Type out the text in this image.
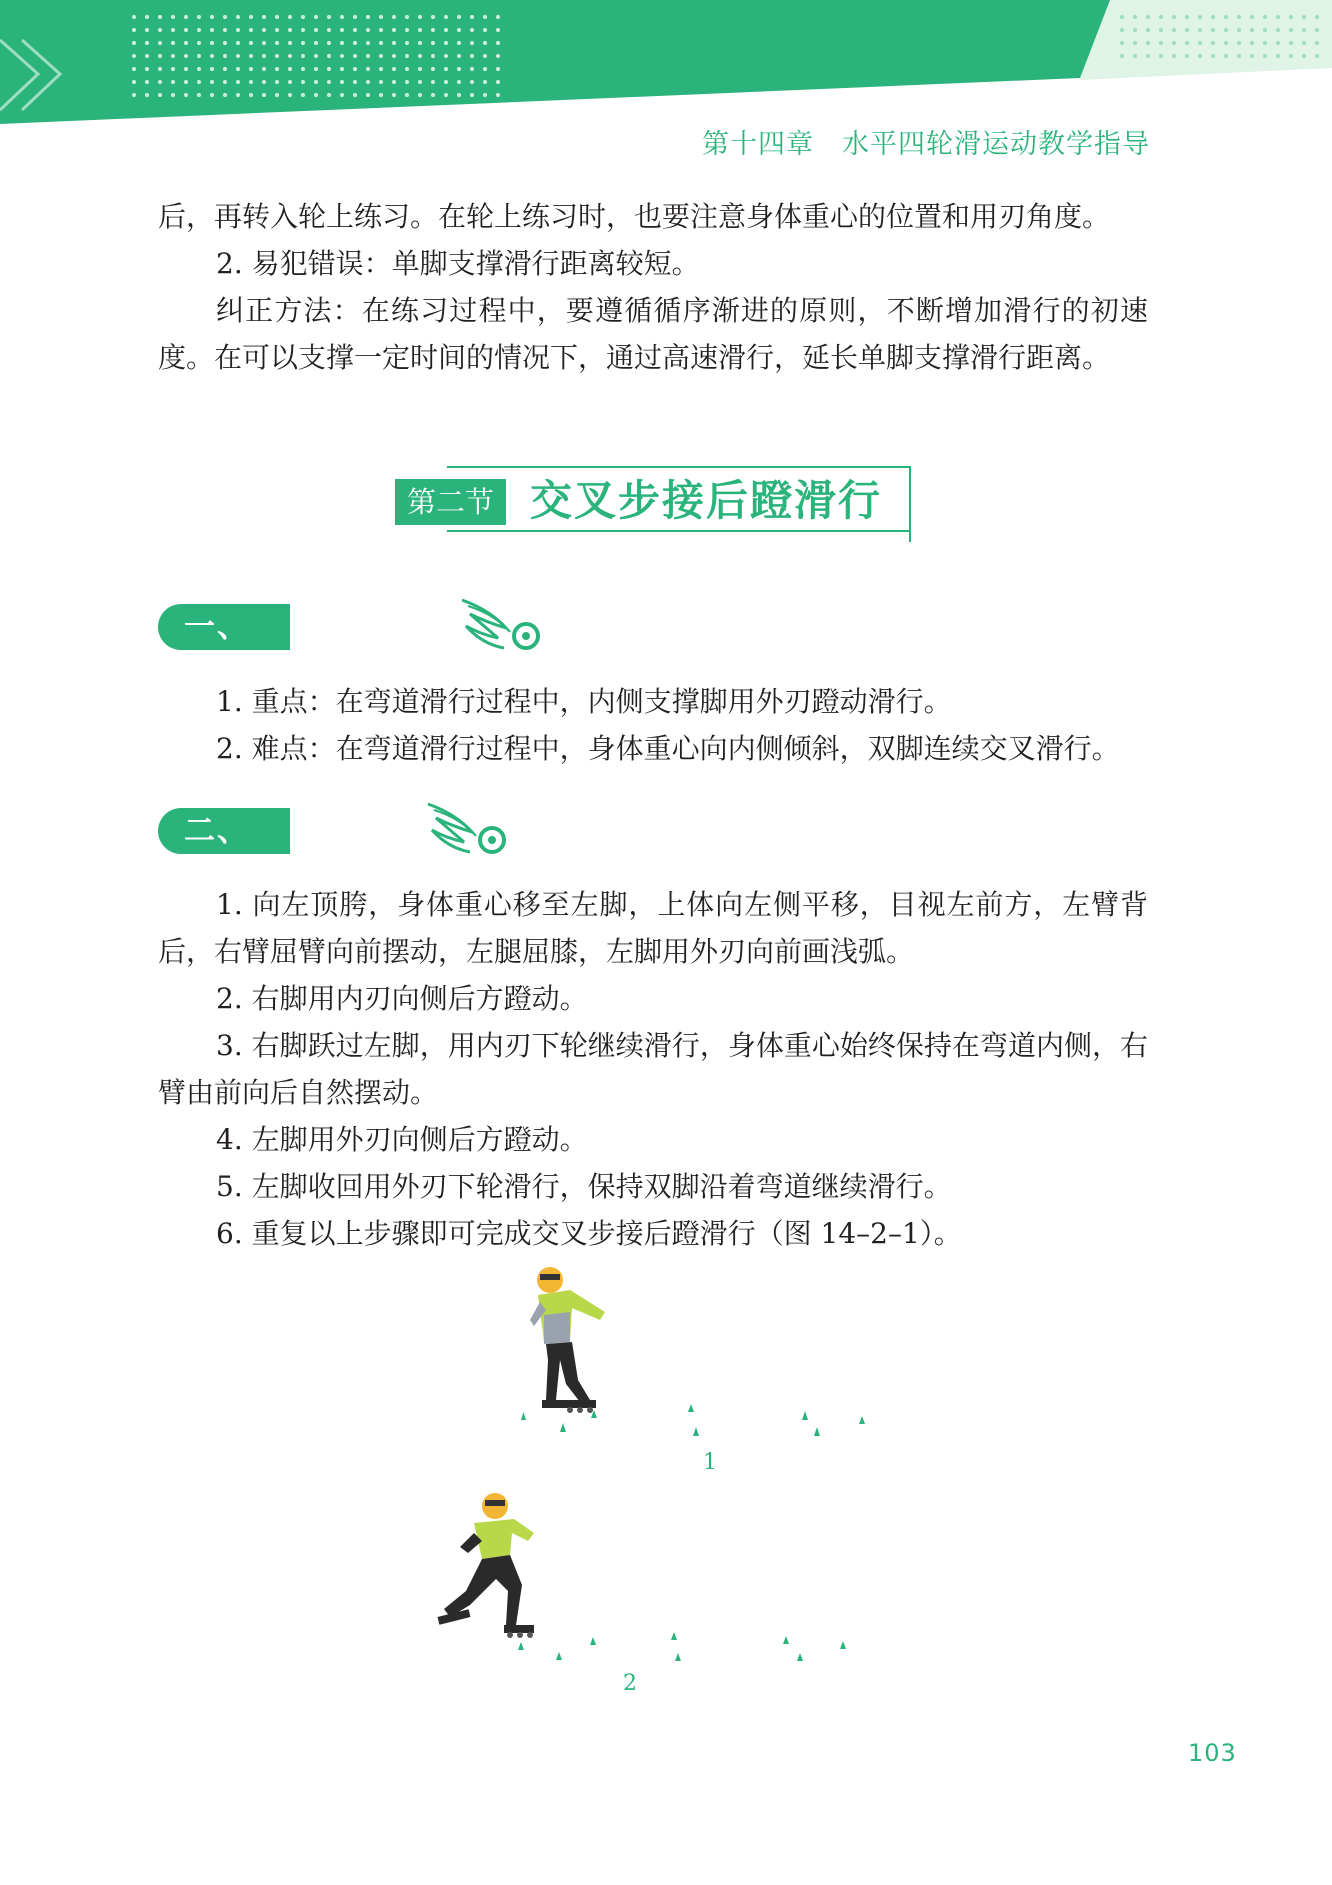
第十四章 水平四轮滑运动教学指导

后，再转入轮上练习。在轮上练习时，也要注意身体重心的位置和用刃角度。

2. 易犯错误：单脚支撑滑行距离较短。

纠正方法：在练习过程中，要遵循循序渐进的原则，不断增加滑行的初速度。在可以支撑一定时间的情况下，通过高速滑行，延长单脚支撑滑行距离。

第二节 交叉步接后蹬滑行
一、重点与难点

1. 重点：在弯道滑行过程中，内侧支撑脚用外刃蹬动滑行。

2. 难点：在弯道滑行过程中，身体重心向内侧倾斜，双脚连续交叉滑行。

二、动作要领

1. 向左顶胯，身体重心移至左脚，上体向左侧平移，目视左前方，左臂背后，右臂屈臂向前摆动，左腿屈膝，左脚用外刃向前画浅弧。

2. 右脚用内刃向侧后方蹬动。

3. 右脚跃过左脚，用内刃下轮继续滑行，身体重心始终保持在弯道内侧，右臂由前向后自然摆动。

4. 左脚用外刃向侧后方蹬动。

5. 左脚收回用外刃下轮滑行，保持双脚沿着弯道继续滑行。

6. 重复以上步骤即可完成交叉步接后蹬滑行（图 14–2–1）。

1
2
103
